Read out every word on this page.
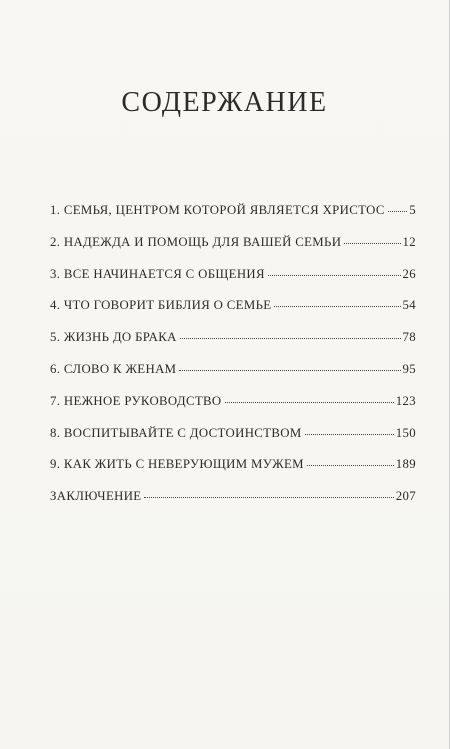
СОДЕРЖАНИЕ
1. СЕМЬЯ, ЦЕНТРОМ КОТОРОЙ ЯВЛЯЕТСЯ ХРИСТОС 5
2. НАДЕЖДА И ПОМОЩЬ ДЛЯ ВАШЕЙ СЕМЬИ	12
3. ВСЕ НАЧИНАЕТСЯ С ОБЩЕНИЯ	26
4. ЧТО ГОВОРИТ БИБЛИЯ О СЕМЬЕ	54
5. ЖИЗНЬ ДО БРАКА	78
6. СЛОВО К ЖЕНАМ	95
7. НЕЖНОЕ РУКОВОДСТВО	123
8. ВОСПИТЫВАЙТЕ С ДОСТОИНСТВОМ	150
9. КАК ЖИТЬ С НЕВЕРУЮЩИМ МУЖЕМ	189
ЗАКЛЮЧЕНИЕ	207
